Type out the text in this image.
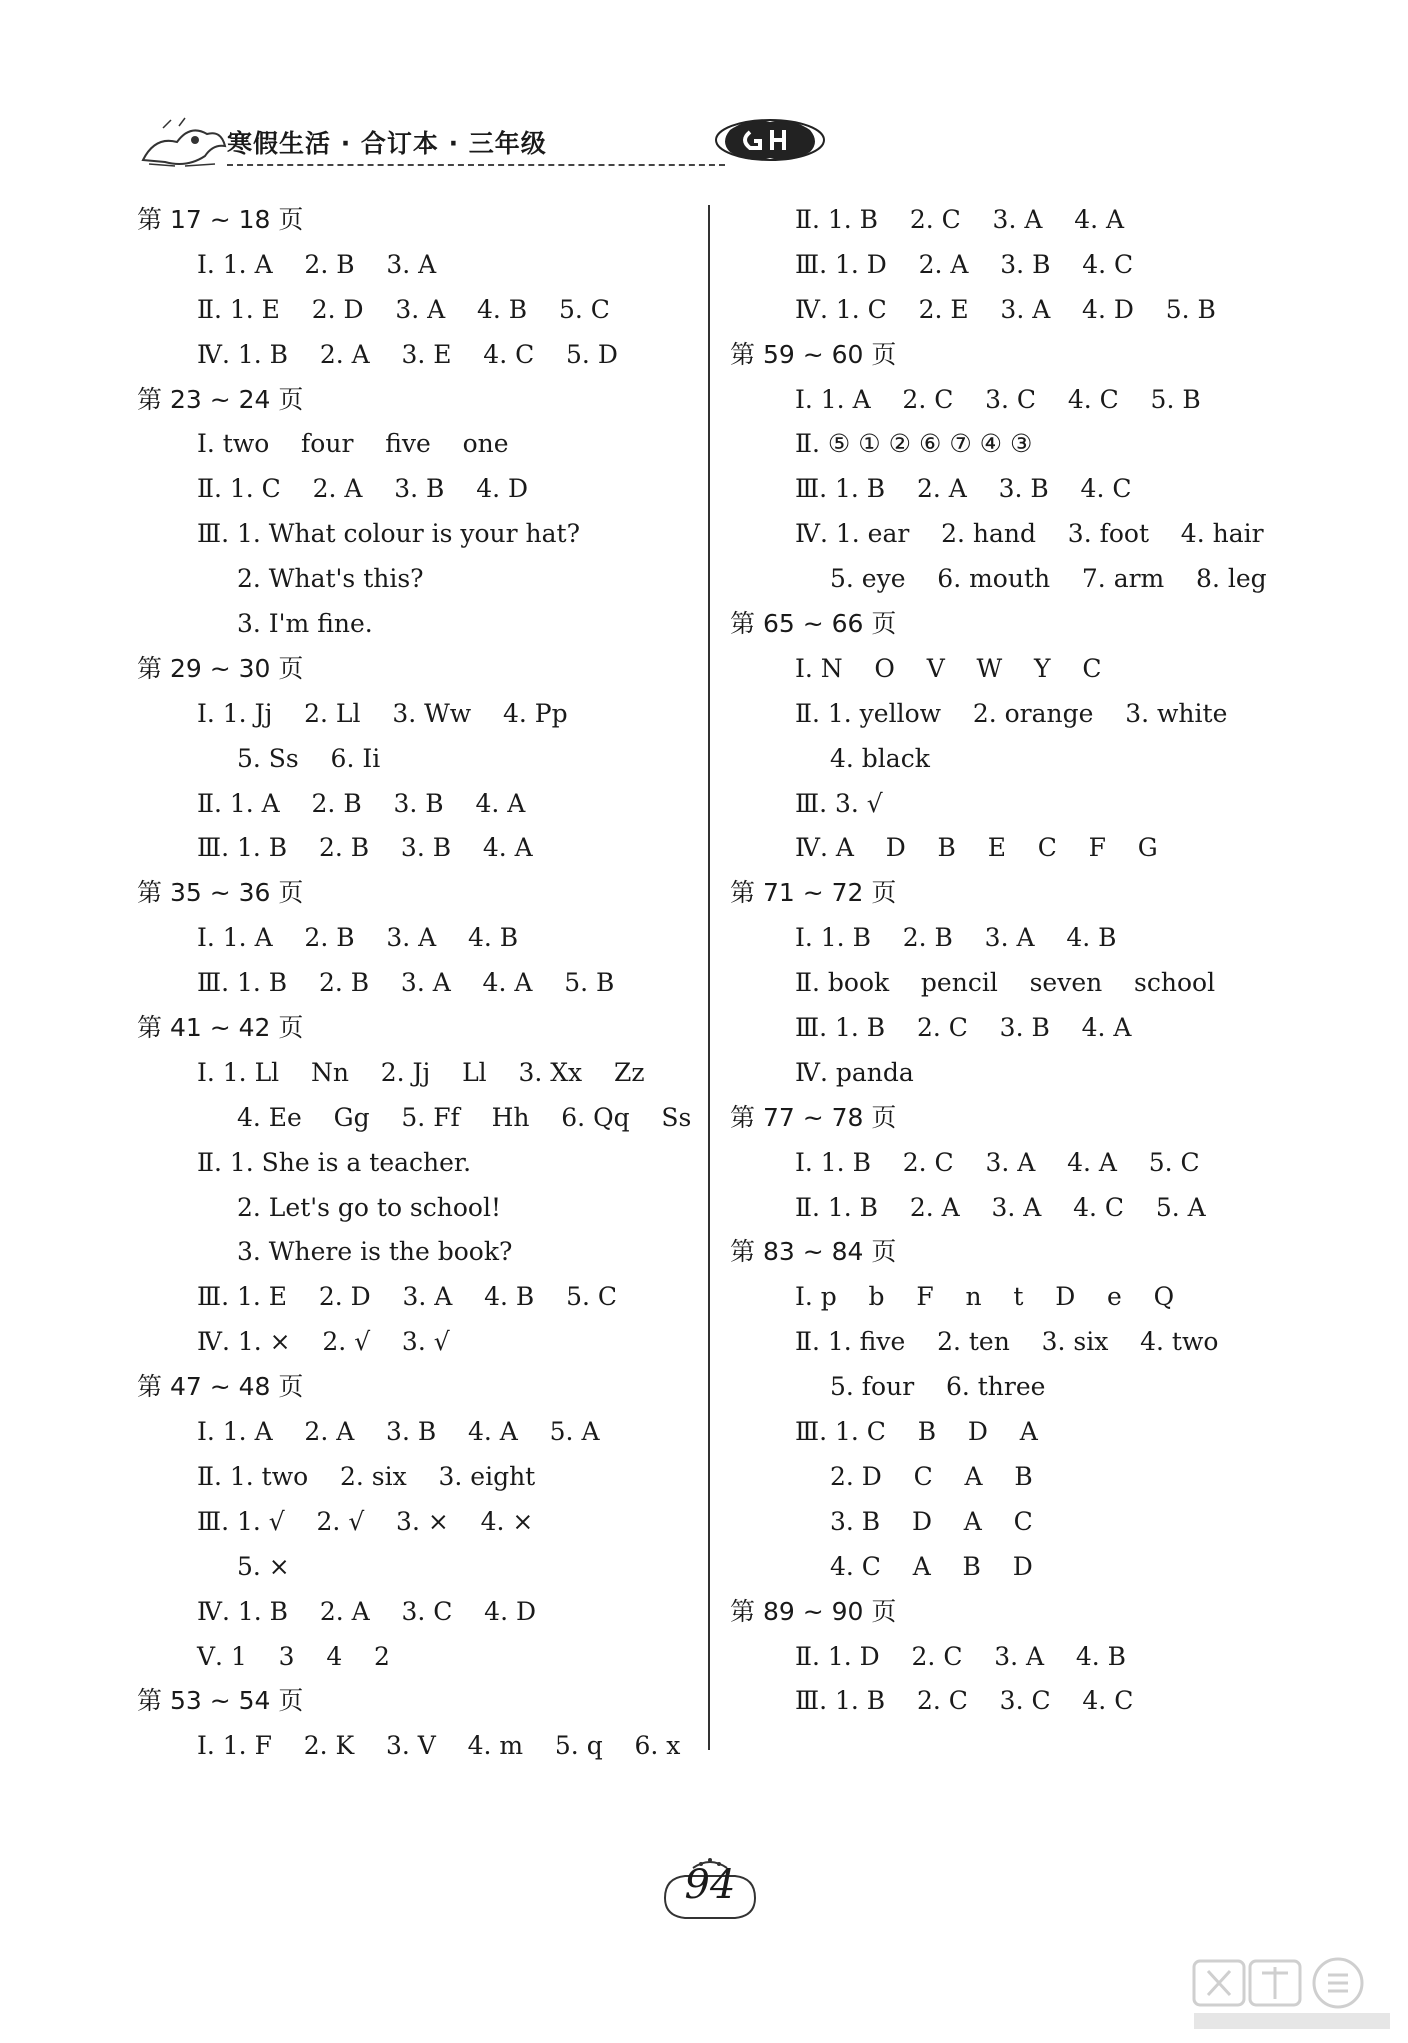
寒假生活 · 合订本 · 三年级
第 17 ~ 18 页
Ⅰ. 1. A    2. B    3. A
Ⅱ. 1. E    2. D    3. A    4. B    5. C
Ⅳ. 1. B    2. A    3. E    4. C    5. D
第 23 ~ 24 页
Ⅰ. two    four    five    one
Ⅱ. 1. C    2. A    3. B    4. D
Ⅲ. 1. What colour is your hat?
2. What's this?
3. I'm fine.
第 29 ~ 30 页
Ⅰ. 1. Jj    2. Ll    3. Ww    4. Pp
5. Ss    6. Ii
Ⅱ. 1. A    2. B    3. B    4. A
Ⅲ. 1. B    2. B    3. B    4. A
第 35 ~ 36 页
Ⅰ. 1. A    2. B    3. A    4. B
Ⅲ. 1. B    2. B    3. A    4. A    5. B
第 41 ~ 42 页
Ⅰ. 1. Ll    Nn    2. Jj    Ll    3. Xx    Zz
4. Ee    Gg    5. Ff    Hh    6. Qq    Ss
Ⅱ. 1. She is a teacher.
2. Let's go to school!
3. Where is the book?
Ⅲ. 1. E    2. D    3. A    4. B    5. C
Ⅳ. 1. ×    2. √    3. √
第 47 ~ 48 页
Ⅰ. 1. A    2. A    3. B    4. A    5. A
Ⅱ. 1. two    2. six    3. eight
Ⅲ. 1. √    2. √    3. ×    4. ×
5. ×
Ⅳ. 1. B    2. A    3. C    4. D
Ⅴ. 1    3    4    2
第 53 ~ 54 页
Ⅰ. 1. F    2. K    3. V    4. m    5. q    6. x
Ⅱ. 1. B    2. C    3. A    4. A
Ⅲ. 1. D    2. A    3. B    4. C
Ⅳ. 1. C    2. E    3. A    4. D    5. B
第 59 ~ 60 页
Ⅰ. 1. A    2. C    3. C    4. C    5. B
Ⅱ. ⑤ ① ② ⑥ ⑦ ④ ③
Ⅲ. 1. B    2. A    3. B    4. C
Ⅳ. 1. ear    2. hand    3. foot    4. hair
5. eye    6. mouth    7. arm    8. leg
第 65 ~ 66 页
Ⅰ. N    O    V    W    Y    C
Ⅱ. 1. yellow    2. orange    3. white
4. black
Ⅲ. 3. √
Ⅳ. A    D    B    E    C    F    G
第 71 ~ 72 页
Ⅰ. 1. B    2. B    3. A    4. B
Ⅱ. book    pencil    seven    school
Ⅲ. 1. B    2. C    3. B    4. A
Ⅳ. panda
第 77 ~ 78 页
Ⅰ. 1. B    2. C    3. A    4. A    5. C
Ⅱ. 1. B    2. A    3. A    4. C    5. A
第 83 ~ 84 页
Ⅰ. p    b    F    n    t    D    e    Q
Ⅱ. 1. five    2. ten    3. six    4. two
5. four    6. three
Ⅲ. 1. C    B    D    A
2. D    C    A    B
3. B    D    A    C
4. C    A    B    D
第 89 ~ 90 页
Ⅱ. 1. D    2. C    3. A    4. B
Ⅲ. 1. B    2. C    3. C    4. C
94
